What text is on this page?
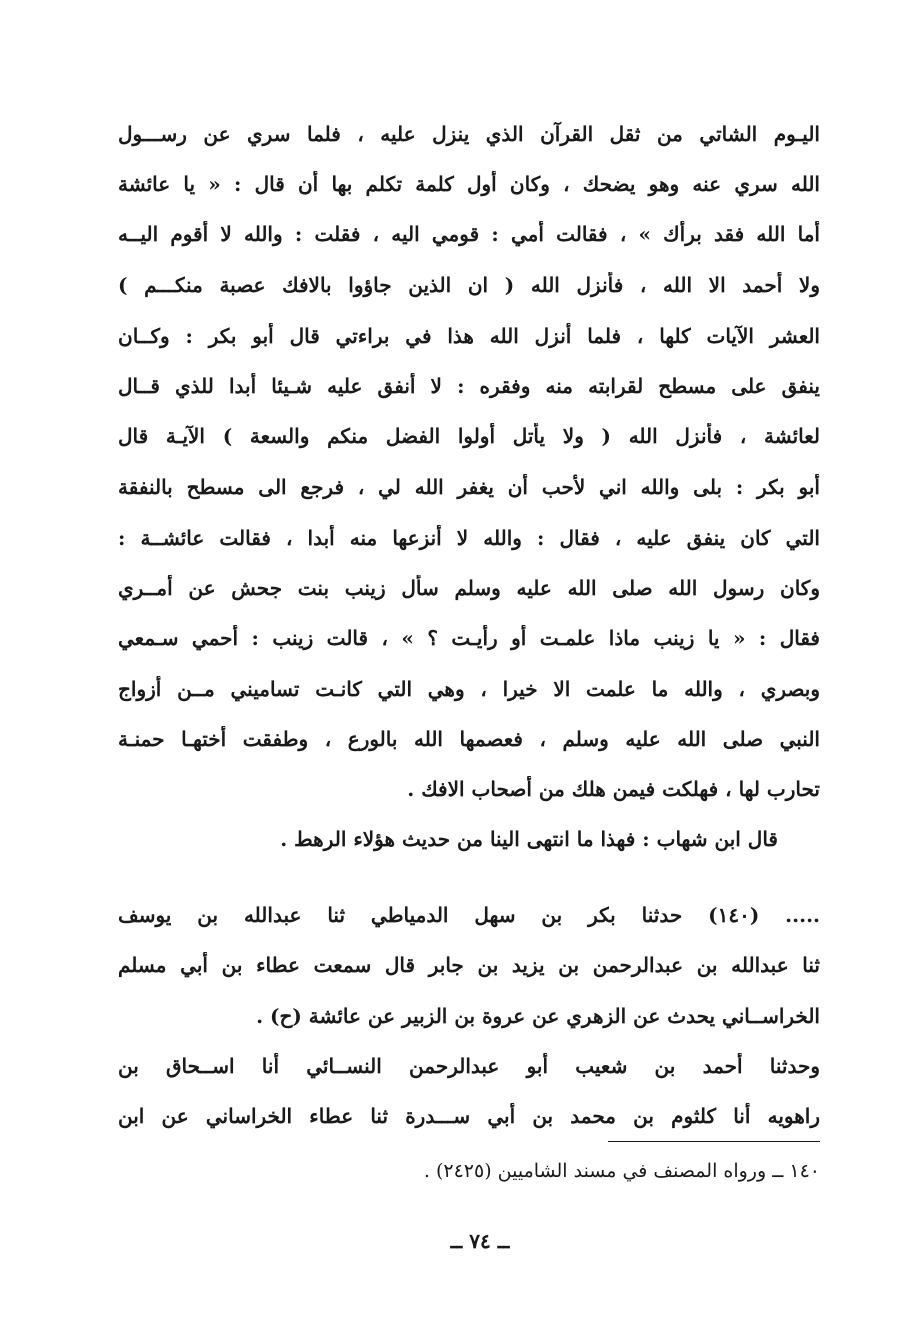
اليـوم الشاتي من ثقل القرآن الذي ينزل عليه ، فلما سري عن رســـول
الله سري عنه وهو يضحك ، وكان أول كلمة تكلم بها أن قال : « يا عائشة
أما الله فقد برأك » ، فقالت أمي : قومي اليه ، فقلت : والله لا أقوم اليــه
ولا أحمد الا الله ، فأنزل الله ( ان الذين جاؤوا بالافك عصبة منكـــم )
العشر الآيات كلها ، فلما أنزل الله هذا في براءتي قال أبو بكر : وكــان
ينفق على مسطح لقرابته منه وفقره : لا أنفق عليه شـيئا أبدا للذي قــال
لعائشة ، فأنزل الله ( ولا يأتل أولوا الفضل منكم والسعة ) الآيـة قال
أبو بكر : بلى والله اني لأحب أن يغفر الله لي ، فرجع الى مسطح بالنفقة
التي كان ينفق عليه ، فقال : والله لا أنزعها منه أبدا ، فقالت عائشــة :
وكان رسول الله صلى الله عليه وسلم سأل زينب بنت جحش عن أمــري
فقال : « يا زينب ماذا علمـت أو رأيـت ؟ » ، قالت زينب : أحمي سـمعي
وبصري ، والله ما علمت الا خيرا ، وهي التي كانـت تساميني مــن أزواج
النبي صلى الله عليه وسلم ، فعصمها الله بالورع ، وطفقت أختهـا حمنـة
تحارب لها ، فهلكت فيمن هلك من أصحاب الافك .
قال ابن شهاب : فهذا ما انتهى الينا من حديث هؤلاء الرهط .
..... (١٤٠) حدثنا بكر بن سهل الدمياطي ثنا عبدالله بن يوسف
ثنا عبدالله بن عبدالرحمن بن يزيد بن جابر قال سمعت عطاء بن أبي مسلم
الخراســاني يحدث عن الزهري عن عروة بن الزبير عن عائشة (ح) .
وحدثنا أحمد بن شعيب أبو عبدالرحمن النســائي أنا اســحاق بن
راهويه أنا كلثوم بن محمد بن أبي ســـدرة ثنا عطاء الخراساني عن ابن
١٤٠ ــ ورواه المصنف في مسند الشاميين (٢٤٢٥) .
ــ ٧٤ ــ
